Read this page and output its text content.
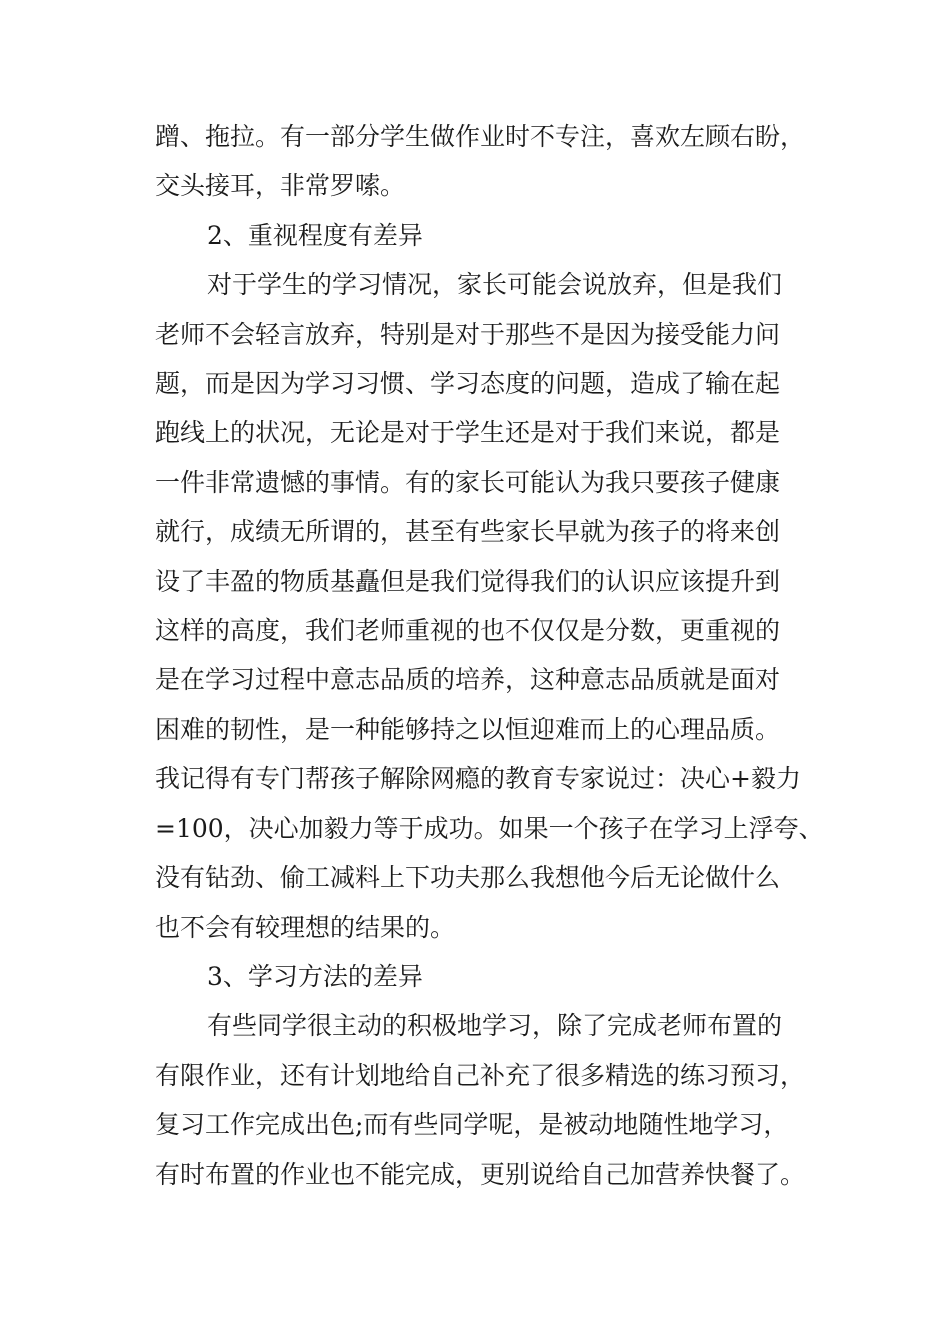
蹭、拖拉。有一部分学生做作业时不专注，喜欢左顾右盼，

交头接耳，非常罗嗦。

2、重视程度有差异

对于学生的学习情况，家长可能会说放弃，但是我们

老师不会轻言放弃，特别是对于那些不是因为接受能力问

题，而是因为学习习惯、学习态度的问题，造成了输在起

跑线上的状况，无论是对于学生还是对于我们来说，都是

一件非常遗憾的事情。有的家长可能认为我只要孩子健康

就行，成绩无所谓的，甚至有些家长早就为孩子的将来创

设了丰盈的物质基矗但是我们觉得我们的认识应该提升到

这样的高度，我们老师重视的也不仅仅是分数，更重视的

是在学习过程中意志品质的培养，这种意志品质就是面对

困难的韧性，是一种能够持之以恒迎难而上的心理品质。

我记得有专门帮孩子解除网瘾的教育专家说过：决心+毅力

=100，决心加毅力等于成功。如果一个孩子在学习上浮夸、

没有钻劲、偷工减料上下功夫那么我想他今后无论做什么

也不会有较理想的结果的。

3、学习方法的差异

有些同学很主动的积极地学习，除了完成老师布置的

有限作业，还有计划地给自己补充了很多精选的练习预习，

复习工作完成出色;而有些同学呢，是被动地随性地学习，

有时布置的作业也不能完成，更别说给自己加营养快餐了。
